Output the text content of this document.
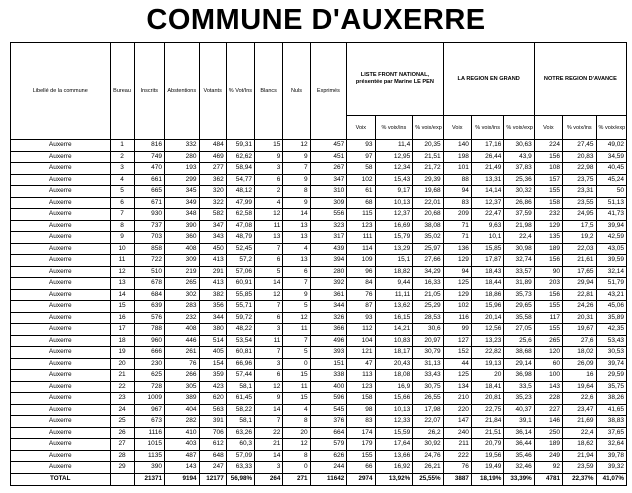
COMMUNE D'AUXERRE
Libellé de la commune	Bureau	Inscrits	Abstentions	Votants	% Vot/Ins	Blancs	Nuls	Exprimés	LISTE FRONT NATIONAL, présentée par Marine LE PEN			LA REGION EN GRAND			NOTRE REGION D'AVANCE		
									Voix	% voix/ins	% voix/exp	Voix	% voix/ins	% voix/exp	Voix	% voix/ins	% voix/exp
Auxerre	1	816	332	484	59,31	15	12	457	93	11,4	20,35	140	17,16	30,63	224	27,45	49,02
Auxerre	2	749	280	469	62,62	9	9	451	97	12,95	21,51	198	26,44	43,9	156	20,83	34,59
Auxerre	3	470	193	277	58,94	3	7	267	58	12,34	21,72	101	21,49	37,83	108	22,98	40,45
Auxerre	4	661	299	362	54,77	6	9	347	102	15,43	29,39	88	13,31	25,36	157	23,75	45,24
Auxerre	5	665	345	320	48,12	2	8	310	61	9,17	19,68	94	14,14	30,32	155	23,31	50
Auxerre	6	671	349	322	47,99	4	9	309	68	10,13	22,01	83	12,37	26,86	158	23,55	51,13
Auxerre	7	930	348	582	62,58	12	14	556	115	12,37	20,68	209	22,47	37,59	232	24,95	41,73
Auxerre	8	737	390	347	47,08	11	13	323	123	16,69	38,08	71	9,63	21,98	129	17,5	39,94
Auxerre	9	703	360	343	48,79	13	13	317	111	15,79	35,02	71	10,1	22,4	135	19,2	42,59
Auxerre	10	858	408	450	52,45	7	4	439	114	13,29	25,97	136	15,85	30,98	189	22,03	43,05
Auxerre	11	722	309	413	57,2	6	13	394	109	15,1	27,66	129	17,87	32,74	156	21,61	39,59
Auxerre	12	510	219	291	57,06	5	6	280	96	18,82	34,29	94	18,43	33,57	90	17,65	32,14
Auxerre	13	678	265	413	60,91	14	7	392	84	9,44	16,33	125	18,44	31,89	203	29,94	51,79
Auxerre	14	684	302	382	55,85	12	9	361	76	11,11	21,05	129	18,86	35,73	156	22,81	43,21
Auxerre	15	639	283	356	55,71	7	5	344	87	13,62	25,29	102	15,96	29,65	155	24,26	45,06
Auxerre	16	576	232	344	59,72	6	12	326	93	16,15	28,53	116	20,14	35,58	117	20,31	35,89
Auxerre	17	788	408	380	48,22	3	11	366	112	14,21	30,6	99	12,56	27,05	155	19,67	42,35
Auxerre	18	960	446	514	53,54	11	7	496	104	10,83	20,97	127	13,23	25,6	265	27,6	53,43
Auxerre	19	666	261	405	60,81	7	5	393	121	18,17	30,79	152	22,82	38,68	120	18,02	30,53
Auxerre	20	230	76	154	66,96	3	0	151	47	20,43	31,13	44	19,13	29,14	60	26,09	39,74
Auxerre	21	625	266	359	57,44	6	15	338	113	18,08	33,43	125	20	36,98	100	16	29,59
Auxerre	22	728	305	423	58,1	12	11	400	123	16,9	30,75	134	18,41	33,5	143	19,64	35,75
Auxerre	23	1009	389	620	61,45	9	15	596	158	15,66	26,55	210	20,81	35,23	228	22,6	38,26
Auxerre	24	967	404	563	58,22	14	4	545	98	10,13	17,98	220	22,75	40,37	227	23,47	41,65
Auxerre	25	673	282	391	58,1	7	8	376	83	12,33	22,07	147	21,84	39,1	146	21,69	38,83
Auxerre	26	1116	410	706	63,26	22	20	664	174	15,59	26,2	240	21,51	36,14	250	22,4	37,65
Auxerre	27	1015	403	612	60,3	21	12	579	179	17,64	30,92	211	20,79	36,44	189	18,62	32,64
Auxerre	28	1135	487	648	57,09	14	8	626	155	13,66	24,76	222	19,56	35,46	249	21,94	39,78
Auxerre	29	390	143	247	63,33	3	0	244	66	16,92	26,21	76	19,49	32,46	92	23,59	39,32
TOTAL		21371	9194	12177	56,98%	264	271	11642	2974	13,92%	25,55%	3887	18,19%	33,39%	4781	22,37%	41,07%
